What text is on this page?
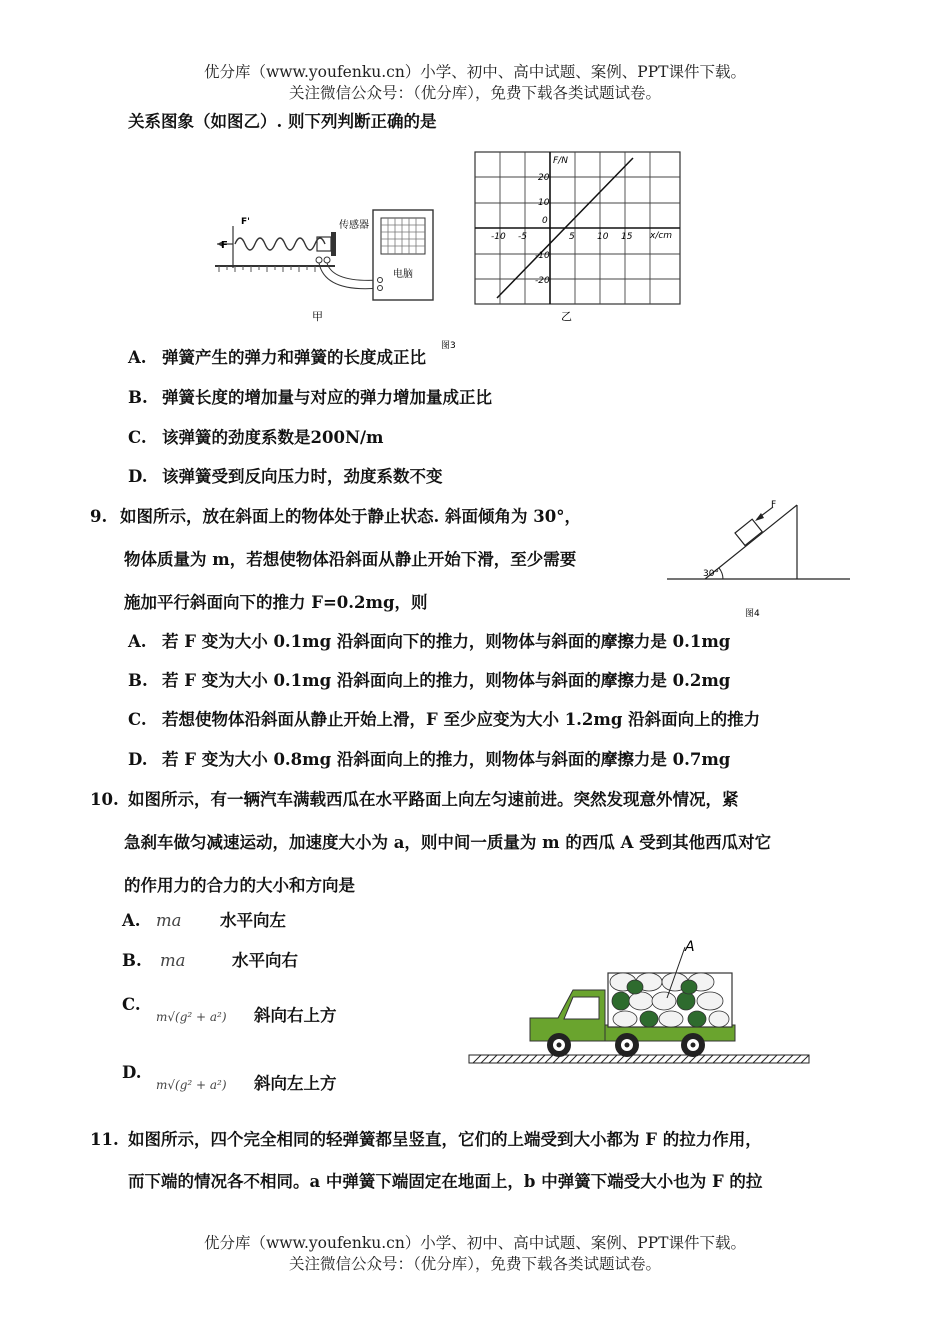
优分库（www.youfenku.cn）小学、初中、高中试题、案例、PPT课件下载。
关注微信公众号：（优分库），免费下载各类试题试卷。
关系图象（如图乙）. 则下列判断正确的是
F
F'	传感器
电脑
甲
F/N
x/cm
20
10
0
-10
-20
-10 -5	5 10 15
乙
图3
A. 弹簧产生的弹力和弹簧的长度成正比
B. 弹簧长度的增加量与对应的弹力增加量成正比
C. 该弹簧的劲度系数是200N/m
D. 该弹簧受到反向压力时，劲度系数不变
9. 如图所示，放在斜面上的物体处于静止状态. 斜面倾角为 30°，
物体质量为 m，若想使物体沿斜面从静止开始下滑，至少需要
施加平行斜面向下的推力 F=0.2mg，则
F
30°
图4
A. 若 F 变为大小 0.1mg 沿斜面向下的推力，则物体与斜面的摩擦力是 0.1mg
B. 若 F 变为大小 0.1mg 沿斜面向上的推力，则物体与斜面的摩擦力是 0.2mg
C. 若想使物体沿斜面从静止开始上滑，F 至少应变为大小 1.2mg 沿斜面向上的推力
D. 若 F 变为大小 0.8mg 沿斜面向上的推力，则物体与斜面的摩擦力是 0.7mg
10. 如图所示，有一辆汽车满载西瓜在水平路面上向左匀速前进。突然发现意外情况，紧
急刹车做匀减速运动，加速度大小为 a，则中间一质量为 m 的西瓜 A 受到其他西瓜对它
的作用力的合力的大小和方向是
A. ma 水平向左
B. ma	水平向右
C.m√(g² + a²) 斜向右上方
D.m√(g² + a²) 斜向左上方
A
11. 如图所示，四个完全相同的轻弹簧都呈竖直，它们的上端受到大小都为 F 的拉力作用，
而下端的情况各不相同。a 中弹簧下端固定在地面上，b 中弹簧下端受大小也为 F 的拉
优分库（www.youfenku.cn）小学、初中、高中试题、案例、PPT课件下载。
关注微信公众号：（优分库），免费下载各类试题试卷。
